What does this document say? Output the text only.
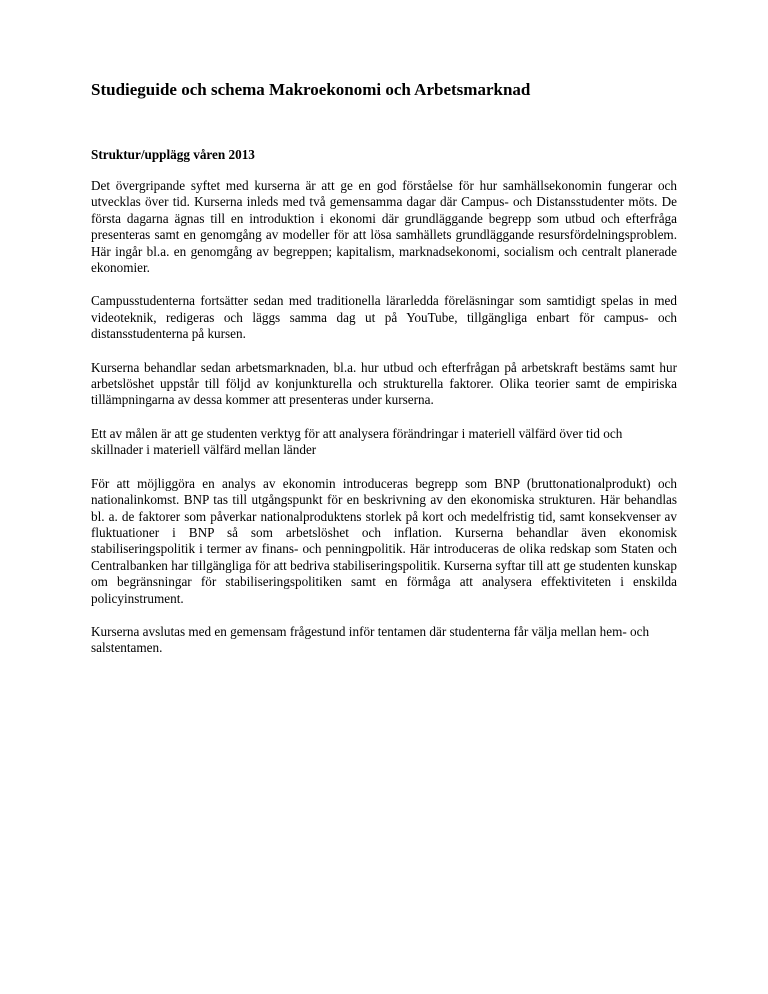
Studieguide och schema Makroekonomi och Arbetsmarknad
Struktur/upplägg våren 2013

Det övergripande syftet med kurserna är att ge en god förståelse för hur samhällsekonomin fungerar och utvecklas över tid. Kurserna inleds med två gemensamma dagar där Campus- och Distansstudenter möts. De första dagarna ägnas till en introduktion i ekonomi där grundläggande begrepp som utbud och efterfråga presenteras samt en genomgång av modeller för att lösa samhällets grundläggande resursfördelningsproblem. Här ingår bl.a. en genomgång av begreppen; kapitalism, marknadsekonomi, socialism och centralt planerade ekonomier.

Campusstudenterna fortsätter sedan med traditionella lärarledda föreläsningar som samtidigt spelas in med videoteknik, redigeras och läggs samma dag ut på YouTube, tillgängliga enbart för campus- och distansstudenterna på kursen.

Kurserna behandlar sedan arbetsmarknaden, bl.a. hur utbud och efterfrågan på arbetskraft bestäms samt hur arbetslöshet uppstår till följd av konjunkturella och strukturella faktorer. Olika teorier samt de empiriska tillämpningarna av dessa kommer att presenteras under kurserna.

Ett av målen är att ge studenten verktyg för att analysera förändringar i materiell välfärd över tid och skillnader i materiell välfärd mellan länder

För att möjliggöra en analys av ekonomin introduceras begrepp som BNP (bruttonationalprodukt) och nationalinkomst. BNP tas till utgångspunkt för en beskrivning av den ekonomiska strukturen. Här behandlas bl. a. de faktorer som påverkar nationalproduktens storlek på kort och medelfristig tid, samt konsekvenser av fluktuationer i BNP så som arbetslöshet och inflation. Kurserna behandlar även ekonomisk stabiliseringspolitik i termer av finans- och penningpolitik. Här introduceras de olika redskap som Staten och Centralbanken har tillgängliga för att bedriva stabiliseringspolitik. Kurserna syftar till att ge studenten kunskap om begränsningar för stabiliseringspolitiken samt en förmåga att analysera effektiviteten i enskilda policyinstrument.

Kurserna avslutas med en gemensam frågestund inför tentamen där studenterna får välja mellan hem- och salstentamen.
